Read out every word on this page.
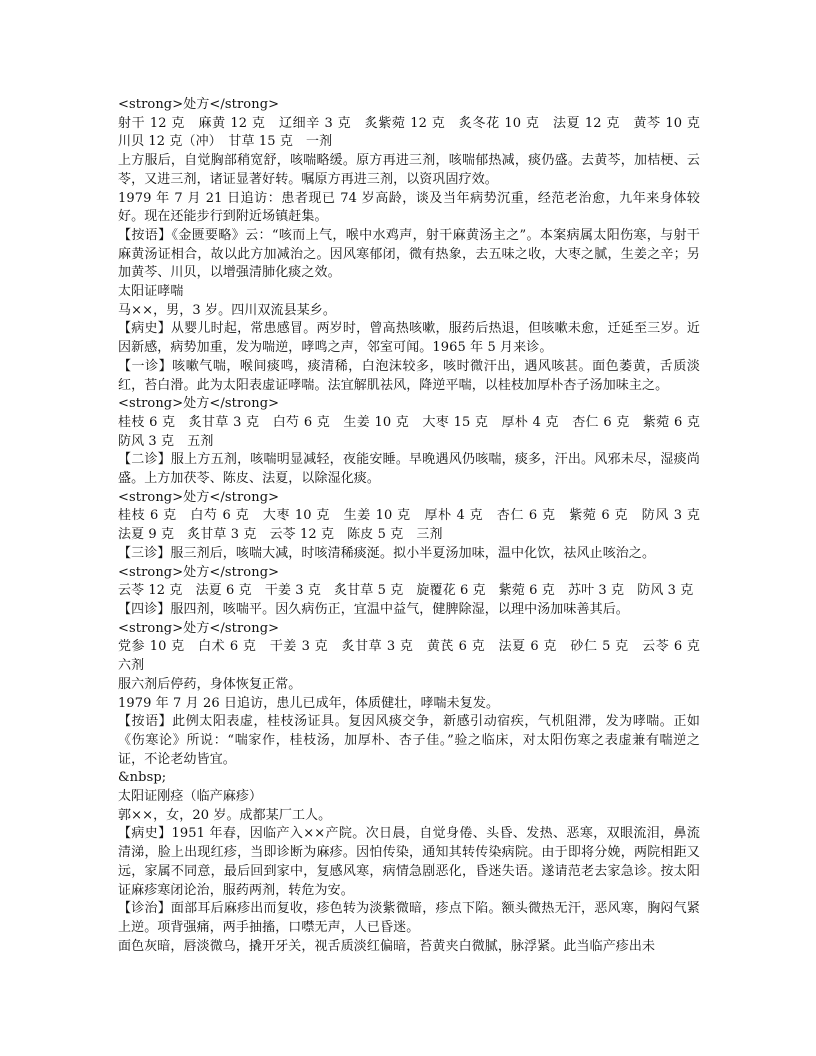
<strong>处方</strong>

射干 12 克　麻黄 12 克　辽细辛 3 克　炙紫菀 12 克　炙冬花 10 克　法夏 12 克　黄芩 10 克　川贝 12 克（冲）　甘草 15 克　一剂

上方服后，自觉胸部稍宽舒，咳喘略缓。原方再进三剂，咳喘郁热减，痰仍盛。去黄芩，加桔梗、云苓，又进三剂，诸证显著好转。嘱原方再进三剂，以资巩固疗效。

1979 年 7 月 21 日追访：患者现已 74 岁高龄，谈及当年病势沉重，经范老治愈，九年来身体较好。现在还能步行到附近场镇赶集。

【按语】《金匮要略》云：“咳而上气，喉中水鸡声，射干麻黄汤主之”。本案病属太阳伤寒，与射干麻黄汤证相合，故以此方加减治之。因风寒郁闭，微有热象，去五味之收，大枣之腻，生姜之辛；另加黄芩、川贝，以增强清肺化痰之效。

太阳证哮喘

马××，男，3 岁。四川双流县某乡。

【病史】从婴儿时起，常患感冒。两岁时，曾高热咳嗽，服药后热退，但咳嗽未愈，迁延至三岁。近因新感，病势加重，发为喘逆，哮鸣之声，邻室可闻。1965 年 5 月来诊。

【一诊】咳嗽气喘，喉间痰鸣，痰清稀，白泡沫较多，咳时微汗出，遇风咳甚。面色萎黄，舌质淡红，苔白滑。此为太阳表虚证哮喘。法宜解肌祛风，降逆平喘，以桂枝加厚朴杏子汤加味主之。

<strong>处方</strong>

桂枝 6 克　炙甘草 3 克　白芍 6 克　生姜 10 克　大枣 15 克　厚朴 4 克　杏仁 6 克　紫菀 6 克　防风 3 克　五剂

【二诊】服上方五剂，咳喘明显减轻，夜能安睡。早晚遇风仍咳喘，痰多，汗出。风邪未尽，湿痰尚盛。上方加茯苓、陈皮、法夏，以除湿化痰。

<strong>处方</strong>

桂枝 6 克　白芍 6 克　大枣 10 克　生姜 10 克　厚朴 4 克　杏仁 6 克　紫菀 6 克　防风 3 克　法夏 9 克　炙甘草 3 克　云苓 12 克　陈皮 5 克　三剂

【三诊】服三剂后，咳喘大减，时咳清稀痰涎。拟小半夏汤加味，温中化饮，祛风止咳治之。

<strong>处方</strong>

云苓 12 克　法夏 6 克　干姜 3 克　炙甘草 5 克　旋覆花 6 克　紫菀 6 克　苏叶 3 克　防风 3 克

【四诊】服四剂，咳喘平。因久病伤正，宜温中益气，健脾除湿，以理中汤加味善其后。

<strong>处方</strong>

党参 10 克　白术 6 克　干姜 3 克　炙甘草 3 克　黄芪 6 克　法夏 6 克　砂仁 5 克　云苓 6 克　六剂

服六剂后停药，身体恢复正常。

1979 年 7 月 26 日追访，患儿已成年，体质健壮，哮喘未复发。

【按语】此例太阳表虚，桂枝汤证具。复因风痰交争，新感引动宿疾，气机阻滞，发为哮喘。正如《伤寒论》所说：“喘家作，桂枝汤，加厚朴、杏子佳。”验之临床，对太阳伤寒之表虚兼有喘逆之证，不论老幼皆宜。

&nbsp;

太阳证刚痉（临产麻疹）

郭××，女，20 岁。成都某厂工人。

【病史】1951 年春，因临产入××产院。次日晨，自觉身倦、头昏、发热、恶寒，双眼流泪，鼻流清涕，脸上出现红疹，当即诊断为麻疹。因怕传染，通知其转传染病院。由于即将分娩，两院相距又远，家属不同意，最后回到家中，复感风寒，病情急剧恶化，昏迷失语。遂请范老去家急诊。按太阳证麻疹寒闭论治，服药两剂，转危为安。

【诊治】面部耳后麻疹出而复收，疹色转为淡紫微暗，疹点下陷。额头微热无汗，恶风寒，胸闷气紧上逆。项背强痛，两手抽搐，口噤无声，人已昏迷。

面色灰暗，唇淡微乌，撬开牙关，视舌质淡红偏暗，苔黄夹白微腻，脉浮紧。此当临产疹出未
